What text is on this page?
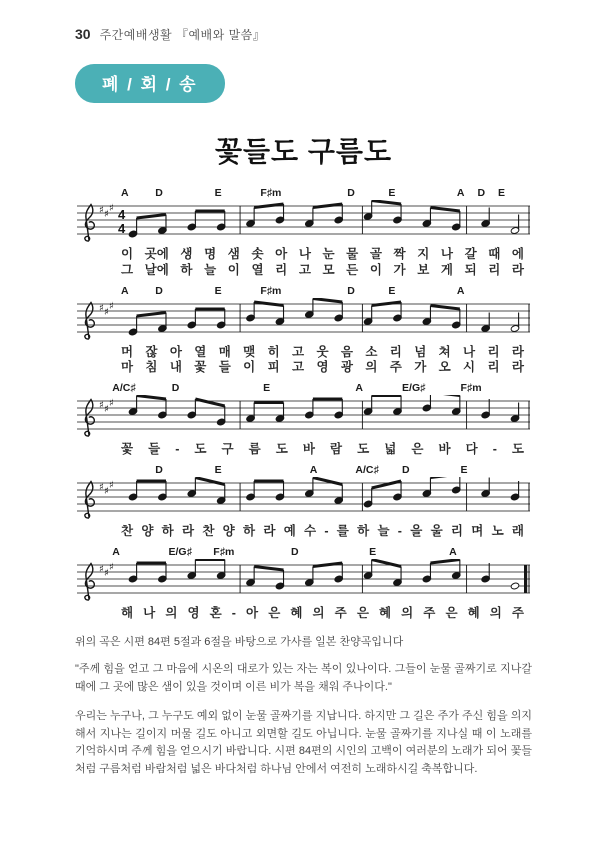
30 주간예배생활 『예배와 말씀』
폐 / 회 / 송
꽃들도 구름도
A	D	E	F♯m	D	E	A D E
♯ ♯
♯ 4
4
이 곳에 생 명 샘 솟 아 나 눈 물 골 짝 지 나 갈 때 에
그 날에 하 늘 이 열 리 고 모 든 이 가 보 게 되 리 라
A	D	E	F♯m	D	E	A
♯ ♯
♯
머 잖 아 열 매 맺 히 고 웃 음 소 리 넘 쳐 나 리 라
마 침 내 꽃 들 이 피 고 영 광 의 주 가 오 시 리 라
A/C♯	D	E	A	E/G♯	F♯m
♯ ♯
♯
꽃 들 - 도 구 름 도 바 람 도 넓 은 바 다 - 도
D	E	A	A/C♯ D	E
♯ ♯
♯
찬 양 하 라 찬 양 하 라 예 수 - 를 하 늘 - 을 울 리 며 노 래
A	E/G♯ F♯m	D	E	A
♯ ♯
♯
해 나 의 영 혼 - 아 은 혜 의 주 은 혜 의 주 은 혜 의 주

위의 곡은 시편 84편 5절과 6절을 바탕으로 가사를 일본 찬양곡입니다

"주께 힘을 얻고 그 마음에 시온의 대로가 있는 자는 복이 있나이다. 그들이 눈물 골짜기로 지나갈 때에 그 곳에 많은 샘이 있을 것이며 이른 비가 복을 채워 주나이다."

우리는 누구나, 그 누구도 예외 없이 눈물 골짜기를 지납니다. 하지만 그 길은 주가 주신 힘을 의지해서 지나는 길이지 머물 길도 아니고 외면할 길도 아닙니다. 눈물 골짜기를 지나실 때 이 노래를 기억하시며 주께 힘을 얻으시기 바랍니다. 시편 84편의 시인의 고백이 여러분의 노래가 되어 꽃들처럼 구름처럼 바람처럼 넓은 바다처럼 하나님 안에서 여전히 노래하시길 축복합니다.
